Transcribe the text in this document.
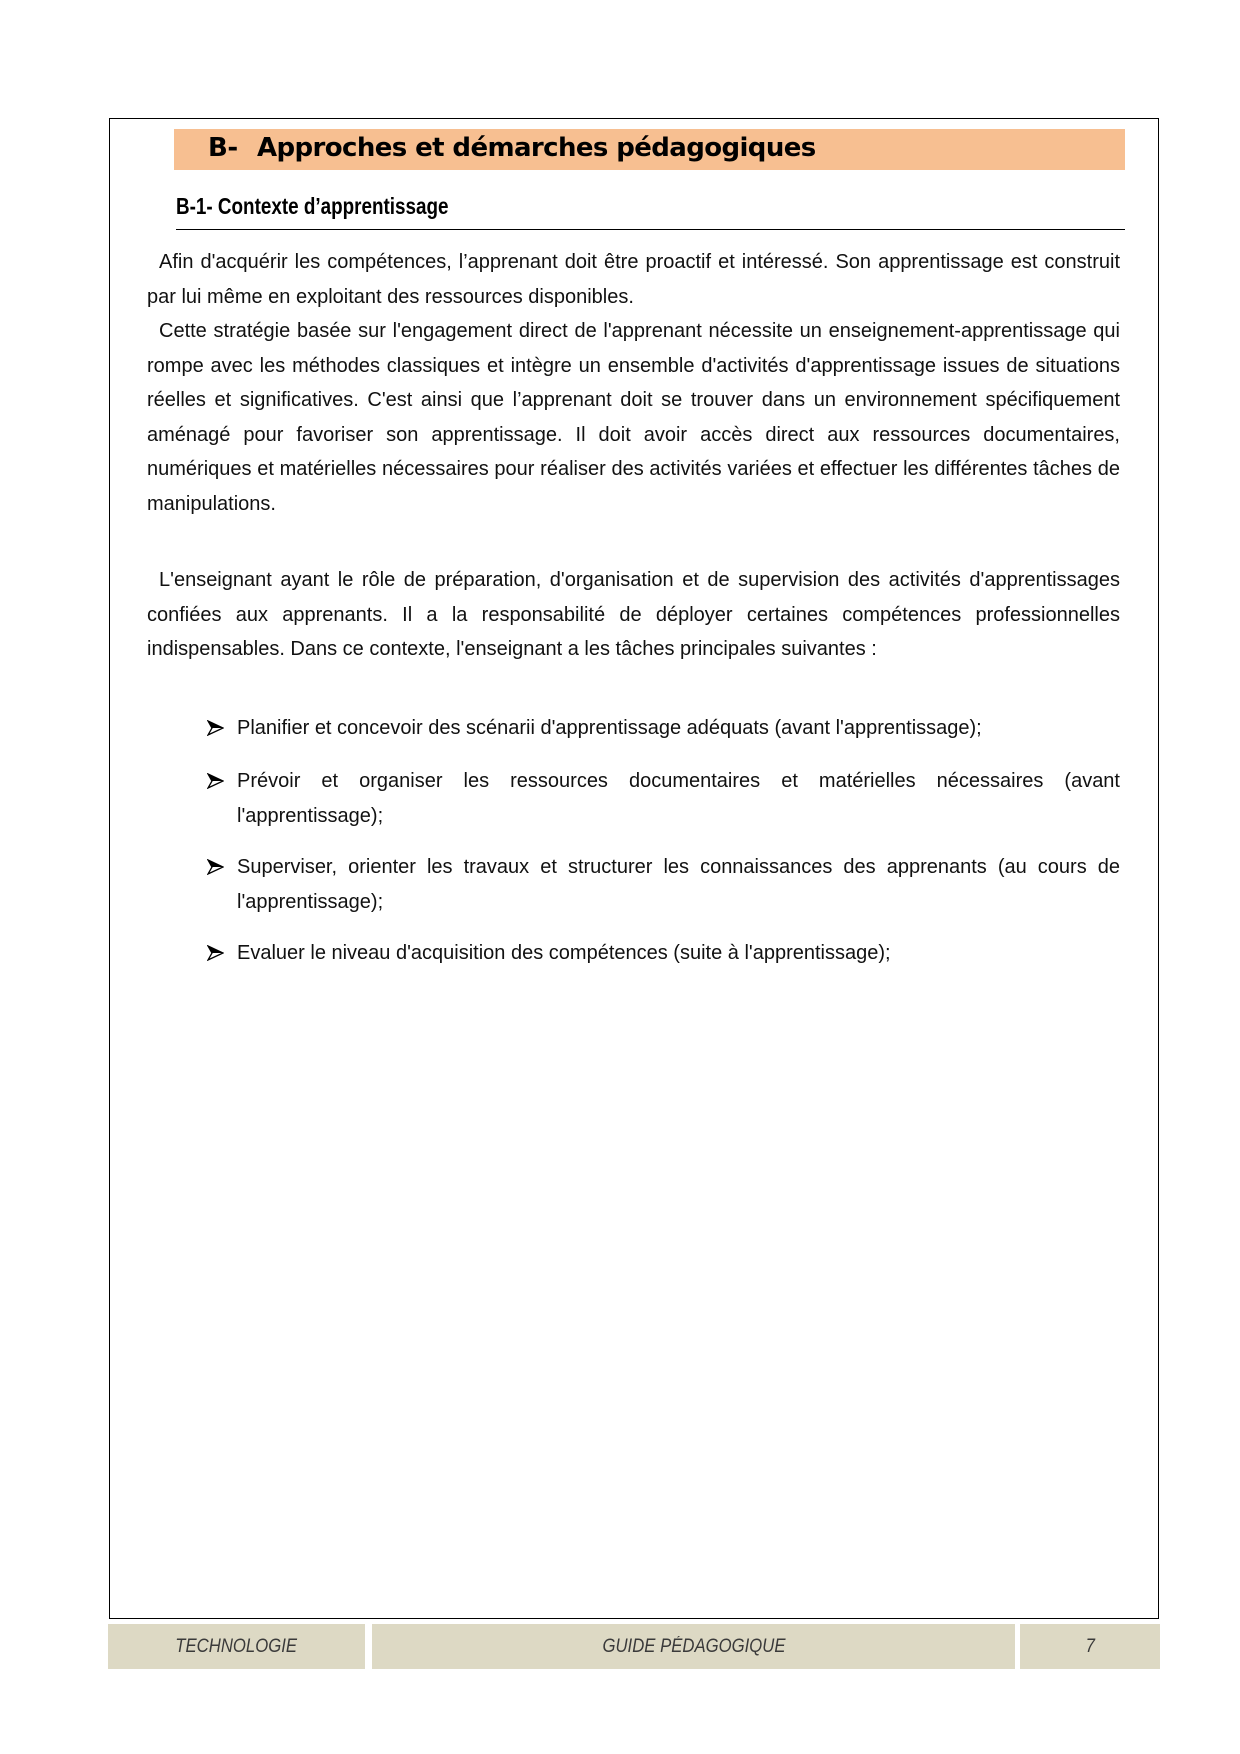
B- Approches et démarches pédagogiques
B-1- Contexte d’apprentissage
Afin d'acquérir les compétences, l’apprenant doit être proactif et intéressé. Son apprentissage est construit par lui même en exploitant des ressources disponibles.
Cette stratégie basée sur l'engagement direct de l'apprenant nécessite un enseignement-apprentissage qui rompe avec les méthodes classiques et intègre un ensemble d'activités d'apprentissage issues de situations réelles et significatives. C'est ainsi que l’apprenant doit se trouver dans un environnement spécifiquement aménagé pour favoriser son apprentissage. Il doit avoir accès direct aux ressources documentaires, numériques et matérielles nécessaires pour réaliser des activités variées et effectuer les différentes tâches de manipulations.
L'enseignant ayant le rôle de préparation, d'organisation et de supervision des activités d'apprentissages confiées aux apprenants. Il a la responsabilité de déployer certaines compétences professionnelles indispensables. Dans ce contexte, l'enseignant a les tâches principales suivantes :
Planifier et concevoir des scénarii d'apprentissage adéquats (avant l'apprentissage);
Prévoir et organiser les ressources documentaires et matérielles nécessaires (avant l'apprentissage);
Superviser, orienter les travaux et structurer les connaissances des apprenants (au cours de l'apprentissage);
Evaluer le niveau d'acquisition des compétences (suite à l'apprentissage);
TECHNOLOGIE	GUIDE PÉDAGOGIQUE	7
